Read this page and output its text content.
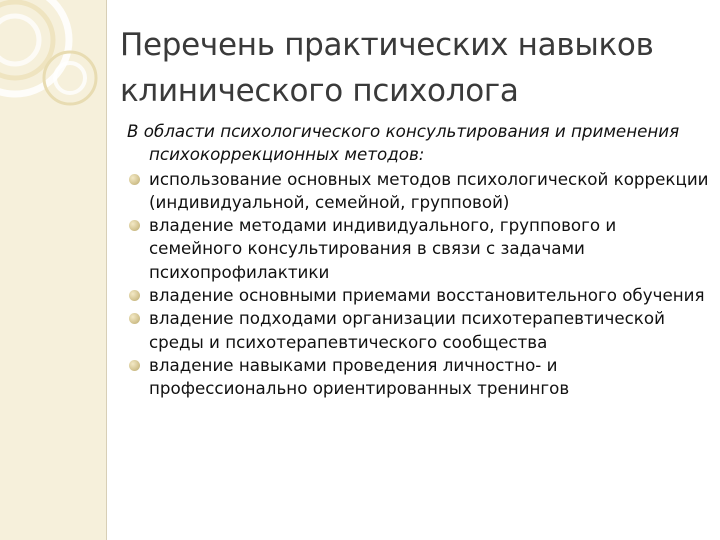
Перечень практических навыков
клинического психолога

В области психологического консультирования и применения психокоррекционных методов:

использование основных методов психологической коррекции (индивидуальной, семейной, групповой)
владение методами индивидуального, группового и семейного консультирования в связи с задачами психопрофилактики
владение основными приемами восстановительного обучения
владение подходами организации психотерапевтической среды и психотерапевтического сообщества
владение навыками проведения личностно- и профессионально ориентированных тренингов
